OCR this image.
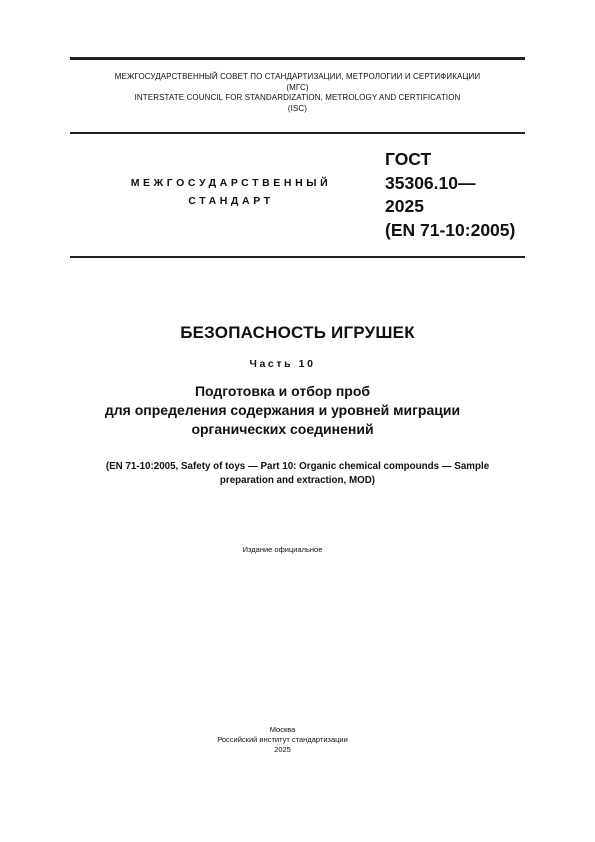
МЕЖГОСУДАРСТВЕННЫЙ СОВЕТ ПО СТАНДАРТИЗАЦИИ, МЕТРОЛОГИИ И СЕРТИФИКАЦИИ
(МГС)
INTERSTATE COUNCIL FOR STANDARDIZATION, METROLOGY AND CERTIFICATION
(ISC)
МЕЖГОСУДАРСТВЕННЫЙ
СТАНДАРТ
ГОСТ
35306.10—
2025
(EN 71-10:2005)
БЕЗОПАСНОСТЬ ИГРУШЕК
Часть 10
Подготовка и отбор проб
для определения содержания и уровней миграции
органических соединений
(EN 71-10:2005, Safety of toys — Part 10: Organic chemical compounds — Sample
preparation and extraction, MOD)
Издание официальное
Москва
Российский институт стандартизации
2025
